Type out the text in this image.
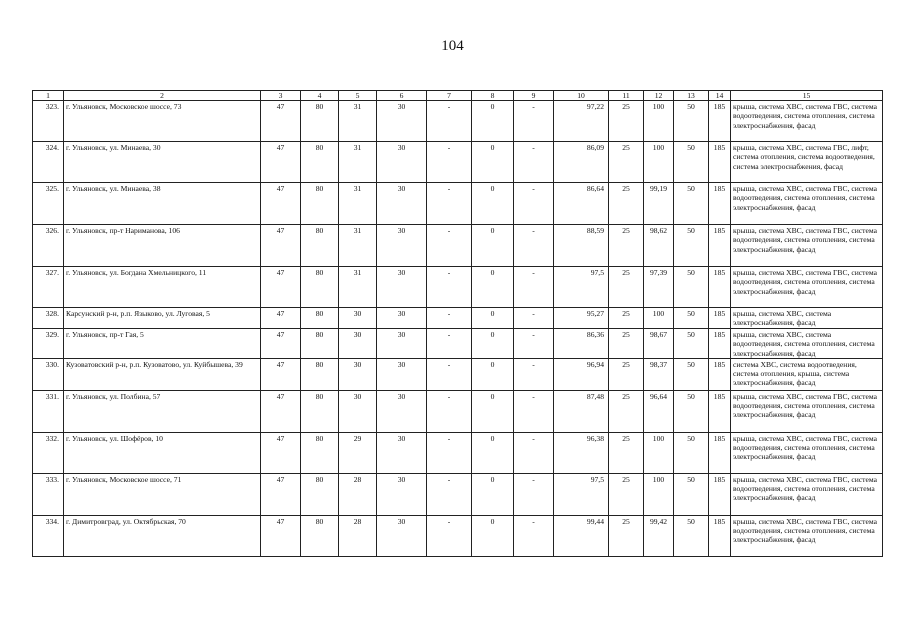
104
1	2	3	4	5	6	7	8	9	10	11	12	13	14	15
323.	г. Ульяновск, Московское шоссе, 73	47	80	31	30	-	0	-	97,22	25	100	50	185	крыша, система ХВС, система ГВС, система водоотведения, система отопления, система электроснабжения, фасад
324.	г. Ульяновск, ул. Минаева, 30	47	80	31	30	-	0	-	86,09	25	100	50	185	крыша, система ХВС, система ГВС, лифт, система отопления, система водоотведения, система электроснабжения, фасад
325.	г. Ульяновск, ул. Минаева, 38	47	80	31	30	-	0	-	86,64	25	99,19	50	185	крыша, система ХВС, система ГВС, система водоотведения, система отопления, система электроснабжения, фасад
326.	г. Ульяновск, пр-т Нариманова, 106	47	80	31	30	-	0	-	88,59	25	98,62	50	185	крыша, система ХВС, система ГВС, система водоотведения, система отопления, система электроснабжения, фасад
327.	г. Ульяновск, ул. Богдана Хмельницкого, 11	47	80	31	30	-	0	-	97,5	25	97,39	50	185	крыша, система ХВС, система ГВС, система водоотведения, система отопления, система электроснабжения, фасад
328.	Карсунский р-н, р.п. Языково, ул. Луговая, 5	47	80	30	30	-	0	-	95,27	25	100	50	185	крыша, система ХВС, система электроснабжения, фасад
329.	г. Ульяновск, пр-т Гая, 5	47	80	30	30	-	0	-	86,36	25	98,67	50	185	крыша, система ХВС, система водоотведения, система отопления, система электроснабжения, фасад
330.	Кузоватовский р-н, р.п. Кузоватово, ул. Куйбышева, 39	47	80	30	30	-	0	-	96,94	25	98,37	50	185	система ХВС, система водоотведения, система отопления, крыша, система электроснабжения, фасад
331.	г. Ульяновск, ул. Полбина, 57	47	80	30	30	-	0	-	87,48	25	96,64	50	185	крыша, система ХВС, система ГВС, система водоотведения, система отопления, система электроснабжения, фасад
332.	г. Ульяновск, ул. Шофёров, 10	47	80	29	30	-	0	-	96,38	25	100	50	185	крыша, система ХВС, система ГВС, система водоотведения, система отопления, система электроснабжения, фасад
333.	г. Ульяновск, Московское шоссе, 71	47	80	28	30	-	0	-	97,5	25	100	50	185	крыша, система ХВС, система ГВС, система водоотведения, система отопления, система электроснабжения, фасад
334.	г. Димитровград, ул. Октябрьская, 70	47	80	28	30	-	0	-	99,44	25	99,42	50	185	крыша, система ХВС, система ГВС, система водоотведения, система отопления, система электроснабжения, фасад
